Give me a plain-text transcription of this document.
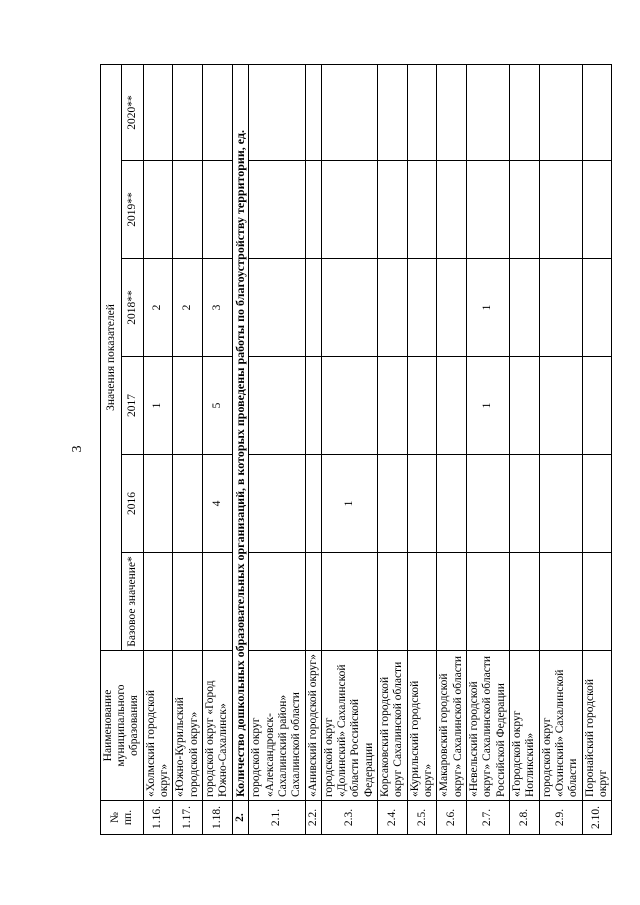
3
№ пп.	Наименование муниципального образования	Значения показателей					
		Базовое значение*	2016	2017	2018**	2019**	2020**
1.16.	«Холмский городской округ»			1	2		
1.17.	«Южно-Курильский городской округ»				2		
1.18.	городской округ «Город Южно-Сахалинск»		4	5	3		
2.	Количество дошкольных образовательных организаций, в которых проведены работы по благоустройству территории, ед.						
2.1.	городской округ «Александровск-Сахалинский район» Сахалинской области						
2.2.	«Анивский городской округ»						
2.3.	городской округ «Долинский» Сахалинской области Российской Федерации		1				
2.4.	Корсаковский городской округ Сахалинской области						
2.5.	«Курильский городской округ»						
2.6.	«Макаровский городской округ» Сахалинской области						
2.7.	«Невельский городской округ» Сахалинской области Российской Федерации			1	1		
2.8.	«Городской округ Ногликский»						
2.9.	городской округ «Охинский» Сахалинской области						
2.10.	Поронайский городской округ						
